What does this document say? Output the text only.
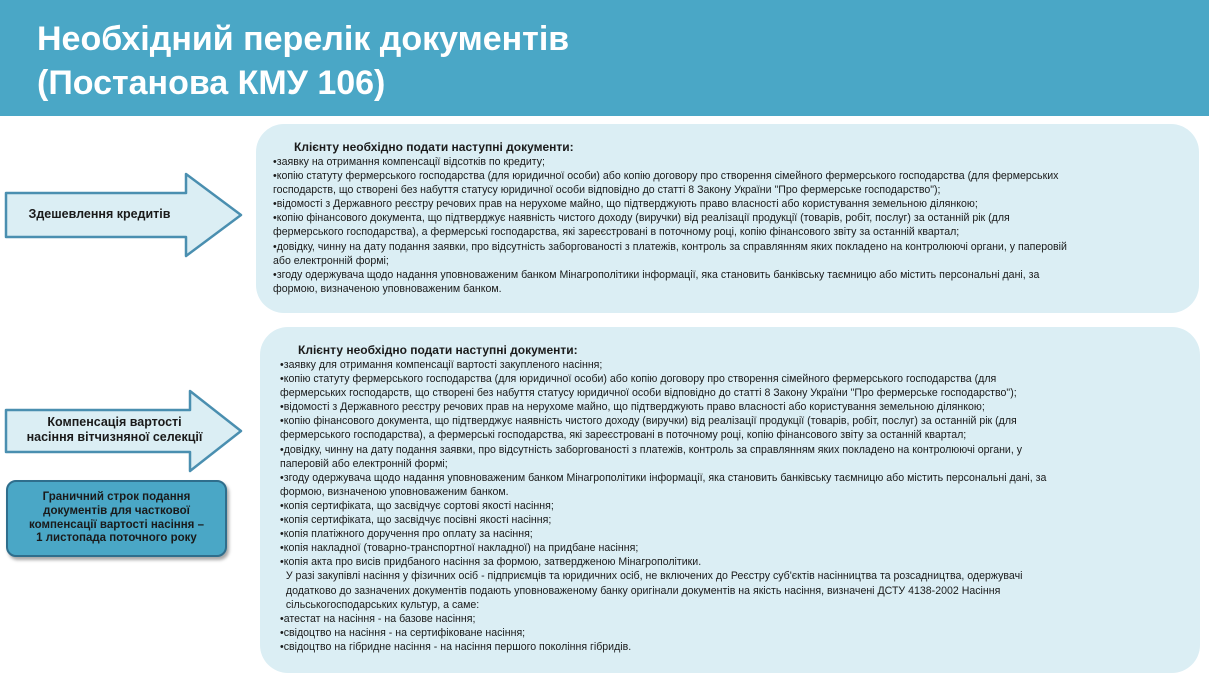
Необхідний перелік документів
(Постанова КМУ 106)
Клієнту необхідно подати наступні документи:
•заявку на отримання компенсації відсотків по кредиту;
•копію статуту фермерського господарства (для юридичної особи) або копію договору про створення сімейного фермерського господарства (для фермерських
господарств, що створені без набуття статусу юридичної особи відповідно до статті 8 Закону України "Про фермерське господарство");
•відомості з Державного реєстру речових прав на нерухоме майно, що підтверджують право власності або користування земельною ділянкою;
•копію фінансового документа, що підтверджує наявність чистого доходу (виручки) від реалізації продукції (товарів, робіт, послуг) за останній рік (для
фермерського господарства), а фермерські господарства, які зареєстровані в поточному році, копію фінансового звіту за останній квартал;
•довідку, чинну на дату подання заявки, про відсутність заборгованості з платежів, контроль за справлянням яких покладено на контролюючі органи, у паперовій
або електронній формі;
•згоду одержувача щодо надання уповноваженим банком Мінагрополітики інформації, яка становить банківську таємницю або містить персональні дані, за
формою, визначеною уповноваженим банком.
Клієнту необхідно подати наступні документи:
•заявку для отримання компенсації вартості закупленого насіння;
•копію статуту фермерського господарства (для юридичної особи) або копію договору про створення сімейного фермерського господарства (для
фермерських господарств, що створені без набуття статусу юридичної особи відповідно до статті 8 Закону України "Про фермерське господарство");
•відомості з Державного реєстру речових прав на нерухоме майно, що підтверджують право власності або користування земельною ділянкою;
•копію фінансового документа, що підтверджує наявність чистого доходу (виручки) від реалізації продукції (товарів, робіт, послуг) за останній рік (для
фермерського господарства), а фермерські господарства, які зареєстровані в поточному році, копію фінансового звіту за останній квартал;
•довідку, чинну на дату подання заявки, про відсутність заборгованості з платежів, контроль за справлянням яких покладено на контролюючі органи, у
паперовій або електронній формі;
•згоду одержувача щодо надання уповноваженим банком Мінагрополітики інформації, яка становить банківську таємницю або містить персональні дані, за
формою, визначеною уповноваженим банком.
•копія сертифіката, що засвідчує сортові якості насіння;
•копія сертифіката, що засвідчує посівні якості насіння;
•копія платіжного доручення про оплату за насіння;
•копія накладної (товарно-транспортної накладної) на придбане насіння;
•копія акта про висів придбаного насіння за формою, затвердженою Мінагрополітики.
У разі закупівлі насіння у фізичних осіб - підприємців та юридичних осіб, не включених до Реєстру суб'єктів насінництва та розсадництва, одержувачі
додатково до зазначених документів подають уповноваженому банку оригінали документів на якість насіння, визначені ДСТУ 4138-2002 Насіння
сільськогосподарських культур, а саме:
•атестат на насіння - на базове насіння;
•свідоцтво на насіння - на сертифіковане насіння;
•свідоцтво на гібридне насіння - на насіння першого покоління гібридів.
Здешевлення кредитів
Компенсація вартості
насіння вітчизняної селекції
Граничний строк подання
документів для часткової
компенсації вартості насіння –
1 листопада поточного року
